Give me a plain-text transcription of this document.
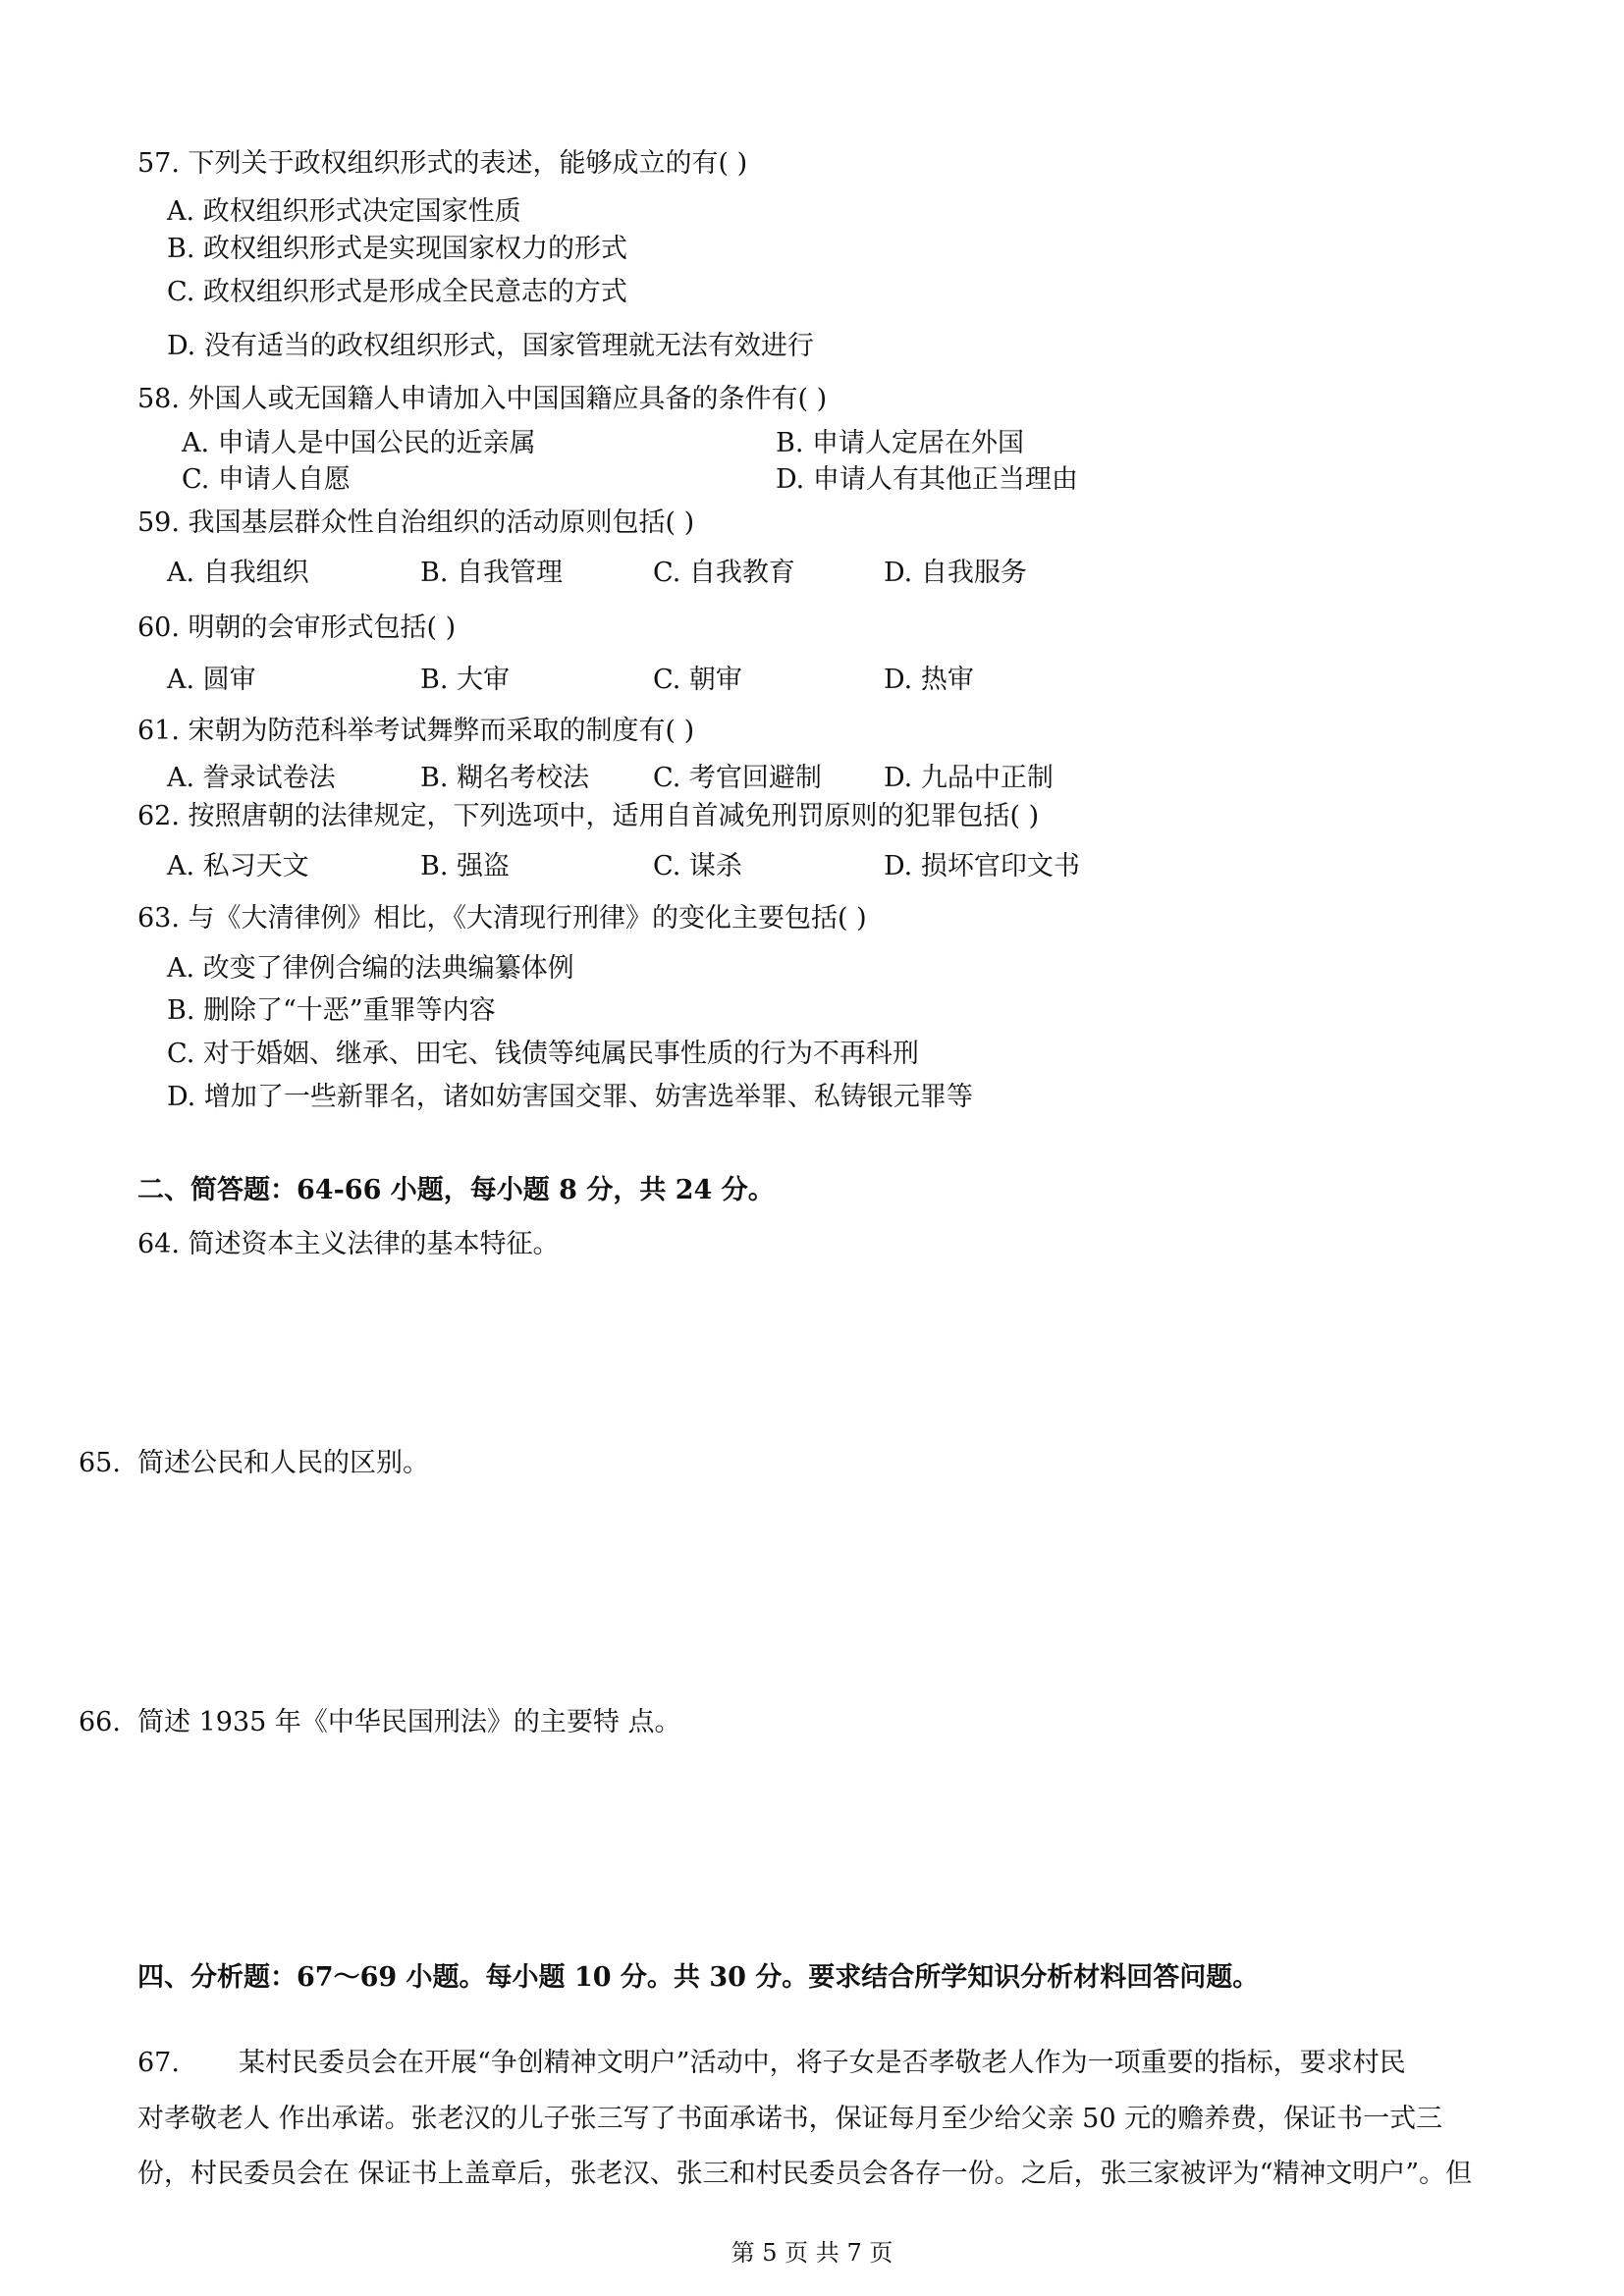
57. 下列关于政权组织形式的表述，能够成立的有( )
A. 政权组织形式决定国家性质
B. 政权组织形式是实现国家权力的形式
C. 政权组织形式是形成全民意志的方式
D. 没有适当的政权组织形式，国家管理就无法有效进行
58. 外国人或无国籍人申请加入中国国籍应具备的条件有( )
A. 申请人是中国公民的近亲属	B. 申请人定居在外国
C. 申请人自愿	D. 申请人有其他正当理由
59. 我国基层群众性自治组织的活动原则包括( )
A. 自我组织	B. 自我管理	C. 自我教育	D. 自我服务
60. 明朝的会审形式包括( )
A. 圆审	B. 大审	C. 朝审	D. 热审
61. 宋朝为防范科举考试舞弊而采取的制度有( )
A. 誊录试卷法	B. 糊名考校法 C. 考官回避制 D. 九品中正制
62. 按照唐朝的法律规定，下列选项中，适用自首减免刑罚原则的犯罪包括( )
A. 私习天文	B. 强盗	C. 谋杀	D. 损坏官印文书
63. 与《大清律例》相比，《大清现行刑律》的变化主要包括( )
A. 改变了律例合编的法典编纂体例
B. 删除了“十恶”重罪等内容
C. 对于婚姻、继承、田宅、钱债等纯属民事性质的行为不再科刑
D. 增加了一些新罪名，诸如妨害国交罪、妨害选举罪、私铸银元罪等
二、简答题：64-66 小题，每小题 8 分，共 24 分。
64. 简述资本主义法律的基本特征。
65. 简述公民和人民的区别。
66. 简述 1935 年《中华民国刑法》的主要特 点。
四、分析题：67～69 小题。每小题 10 分。共 30 分。要求结合所学知识分析材料回答问题。
67. 某村民委员会在开展“争创精神文明户”活动中，将子女是否孝敬老人作为一项重要的指标，要求村民
对孝敬老人 作出承诺。张老汉的儿子张三写了书面承诺书，保证每月至少给父亲 50 元的赡养费，保证书一式三
份，村民委员会在 保证书上盖章后，张老汉、张三和村民委员会各存一份。之后，张三家被评为“精神文明户”。但
第 5 页 共 7 页
